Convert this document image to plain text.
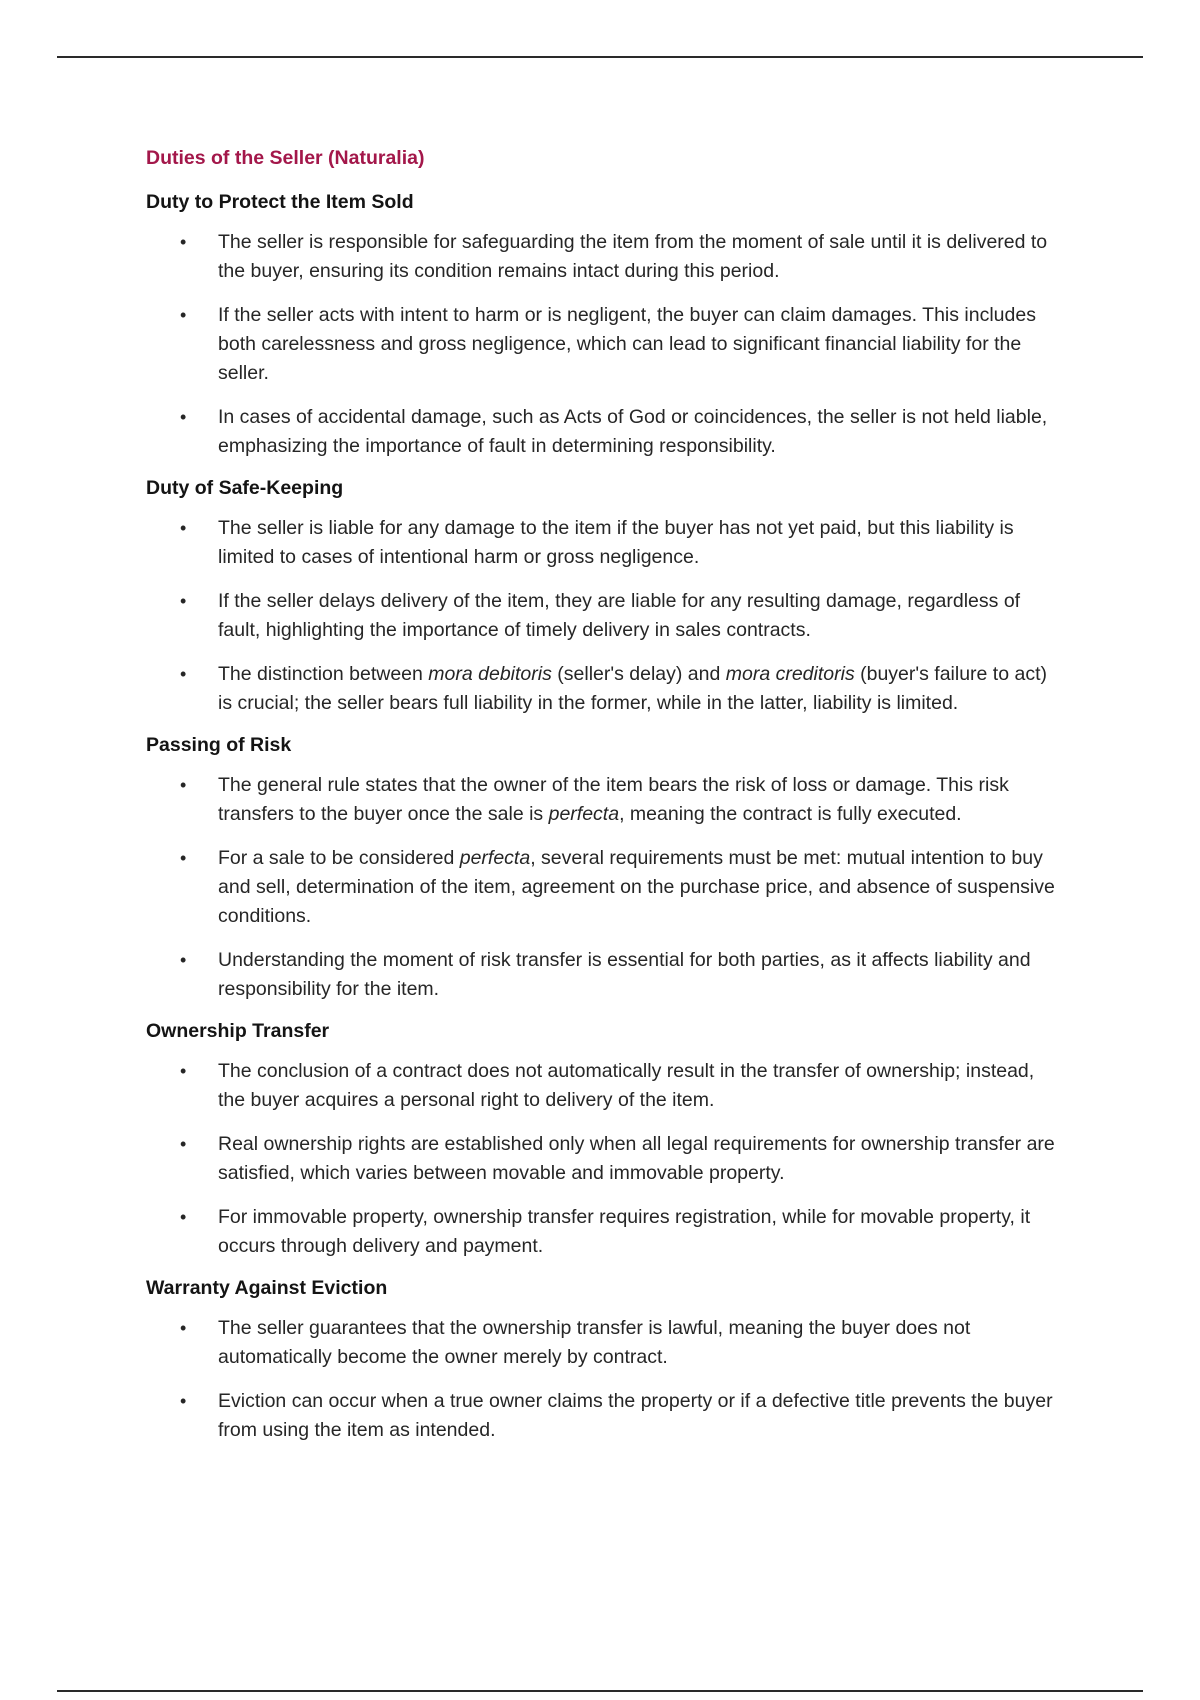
Duties of the Seller (Naturalia)
Duty to Protect the Item Sold
• The seller is responsible for safeguarding the item from the moment of sale until it is delivered to the buyer, ensuring its condition remains intact during this period.
• If the seller acts with intent to harm or is negligent, the buyer can claim damages. This includes both carelessness and gross negligence, which can lead to significant financial liability for the seller.
• In cases of accidental damage, such as Acts of God or coincidences, the seller is not held liable, emphasizing the importance of fault in determining responsibility.
Duty of Safe-Keeping
• The seller is liable for any damage to the item if the buyer has not yet paid, but this liability is limited to cases of intentional harm or gross negligence.
• If the seller delays delivery of the item, they are liable for any resulting damage, regardless of fault, highlighting the importance of timely delivery in sales contracts.
• The distinction between mora debitoris (seller's delay) and mora creditoris (buyer's failure to act) is crucial; the seller bears full liability in the former, while in the latter, liability is limited.
Passing of Risk
• The general rule states that the owner of the item bears the risk of loss or damage. This risk transfers to the buyer once the sale is perfecta, meaning the contract is fully executed.
• For a sale to be considered perfecta, several requirements must be met: mutual intention to buy and sell, determination of the item, agreement on the purchase price, and absence of suspensive conditions.
• Understanding the moment of risk transfer is essential for both parties, as it affects liability and responsibility for the item.
Ownership Transfer
• The conclusion of a contract does not automatically result in the transfer of ownership; instead, the buyer acquires a personal right to delivery of the item.
• Real ownership rights are established only when all legal requirements for ownership transfer are satisfied, which varies between movable and immovable property.
• For immovable property, ownership transfer requires registration, while for movable property, it occurs through delivery and payment.
Warranty Against Eviction
• The seller guarantees that the ownership transfer is lawful, meaning the buyer does not automatically become the owner merely by contract.
• Eviction can occur when a true owner claims the property or if a defective title prevents the buyer from using the item as intended.
